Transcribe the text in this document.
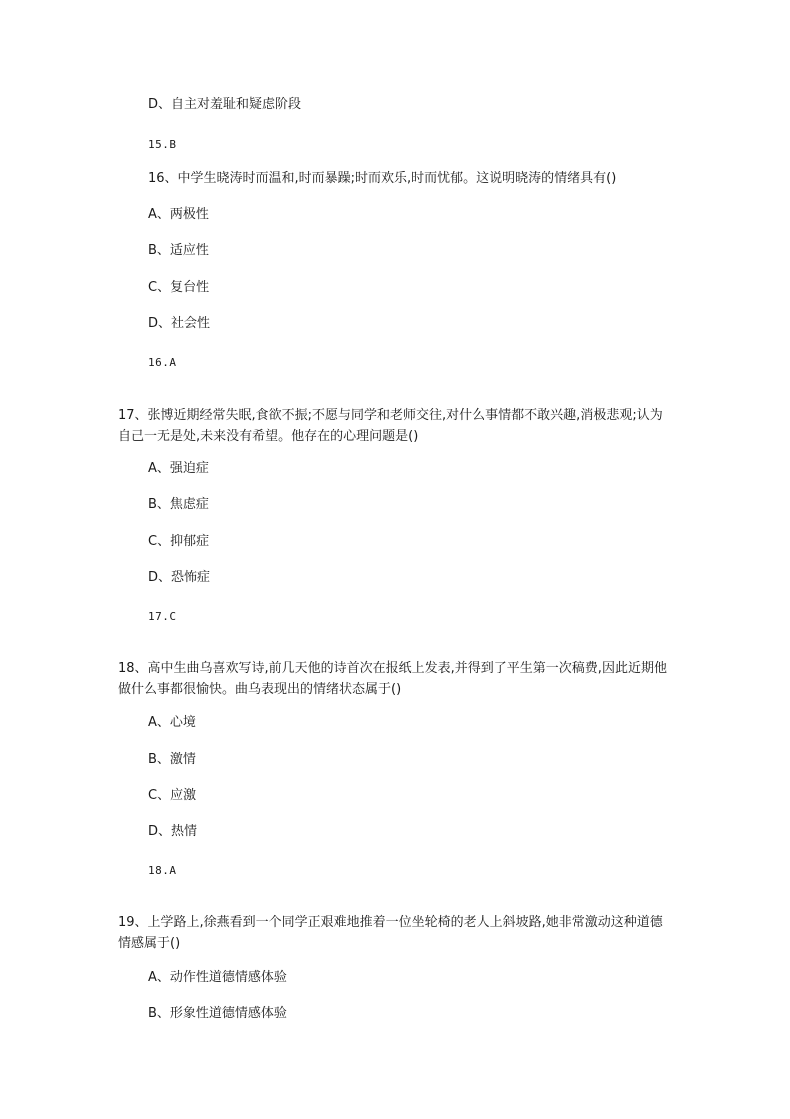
D、自主对羞耻和疑虑阶段
15.B
16、中学生晓涛时而温和,时而暴躁;时而欢乐,时而忧郁。这说明晓涛的情绪具有()
A、两极性
B、适应性
C、复台性
D、社会性
16.A
17、张博近期经常失眠,食欲不振;不愿与同学和老师交往,对什么事情都不敢兴趣,消极悲观;认为自己一无是处,未来没有希望。他存在的心理问题是()
A、强迫症
B、焦虑症
C、抑郁症
D、恐怖症
17.C
18、高中生曲乌喜欢写诗,前几天他的诗首次在报纸上发表,并得到了平生第一次稿费,因此近期他做什么事都很愉快。曲乌表现出的情绪状态属于()
A、心境
B、激情
C、应激
D、热情
18.A
19、上学路上,徐燕看到一个同学正艰难地推着一位坐轮椅的老人上斜坡路,她非常激动这种道德情感属于()
A、动作性道德情感体验
B、形象性道德情感体验
